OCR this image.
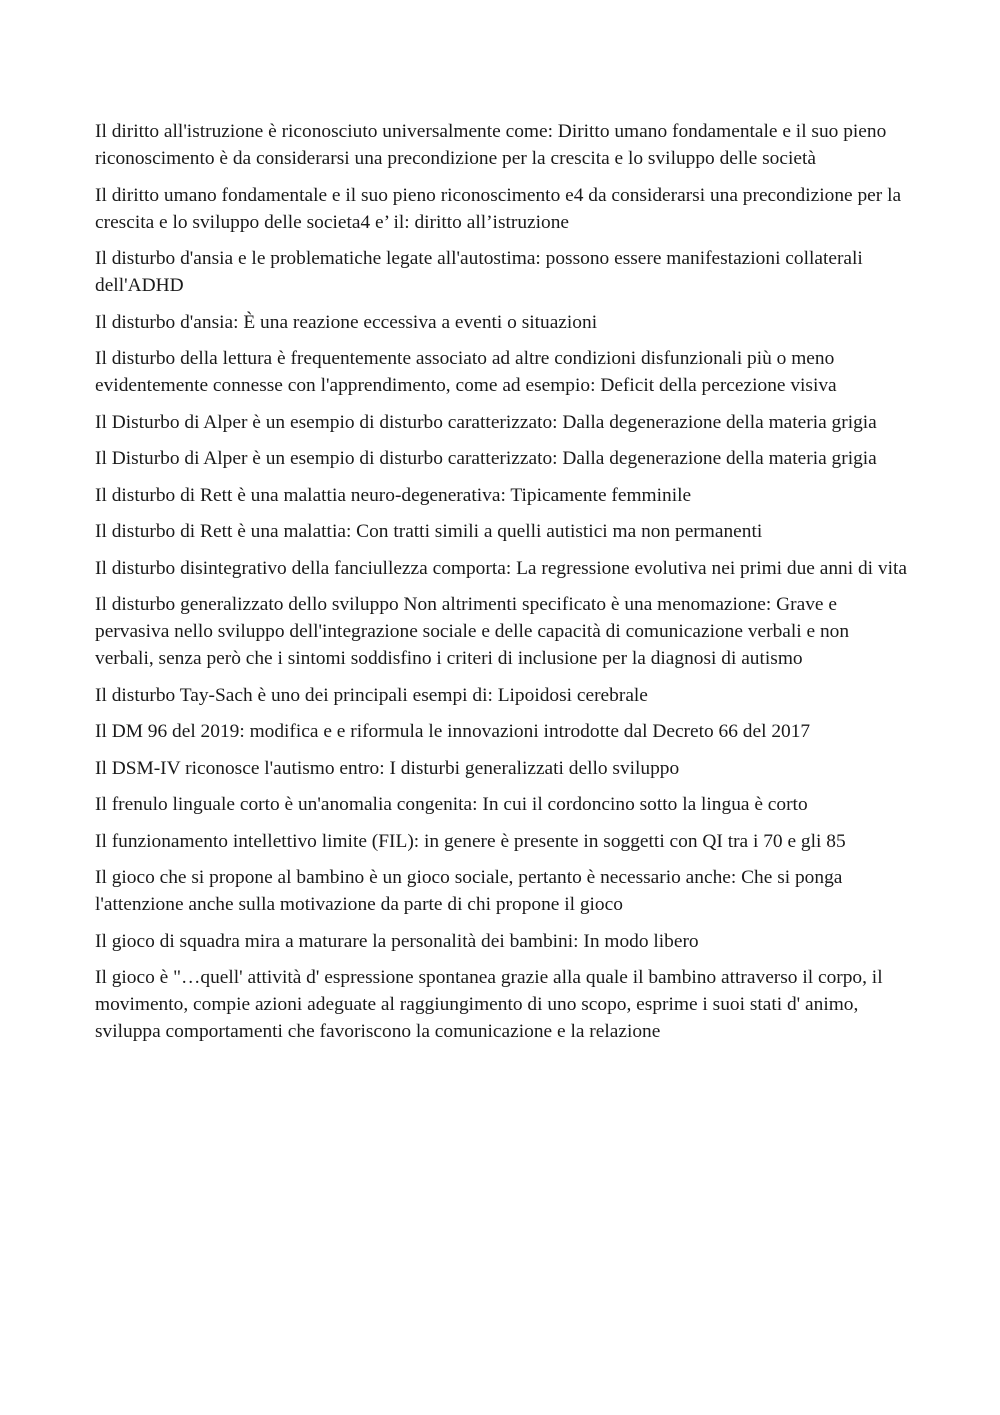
Il diritto all'istruzione è riconosciuto universalmente come: Diritto umano fondamentale e il suo pieno riconoscimento è da considerarsi una precondizione per la crescita e lo sviluppo delle società

Il diritto umano fondamentale e il suo pieno riconoscimento e4 da considerarsi una precondizione per la crescita e lo sviluppo delle societa4 e’ il: diritto all’istruzione

Il disturbo d'ansia e le problematiche legate all'autostima: possono essere manifestazioni collaterali dell'ADHD

Il disturbo d'ansia: È una reazione eccessiva a eventi o situazioni

Il disturbo della lettura è frequentemente associato ad altre condizioni disfunzionali più o meno evidentemente connesse con l'apprendimento, come ad esempio: Deficit della percezione visiva

Il Disturbo di Alper è un esempio di disturbo caratterizzato: Dalla degenerazione della materia grigia

Il Disturbo di Alper è un esempio di disturbo caratterizzato: Dalla degenerazione della materia grigia

Il disturbo di Rett è una malattia neuro-degenerativa: Tipicamente femminile

Il disturbo di Rett è una malattia: Con tratti simili a quelli autistici ma non permanenti

Il disturbo disintegrativo della fanciullezza comporta: La regressione evolutiva nei primi due anni di vita

Il disturbo generalizzato dello sviluppo Non altrimenti specificato è una menomazione: Grave e pervasiva nello sviluppo dell'integrazione sociale e delle capacità di comunicazione verbali e non verbali, senza però che i sintomi soddisfino i criteri di inclusione per la diagnosi di autismo

Il disturbo Tay-Sach è uno dei principali esempi di: Lipoidosi cerebrale

Il DM 96 del 2019: modifica e e riformula le innovazioni introdotte dal Decreto 66 del 2017

Il DSM-IV riconosce l'autismo entro: I disturbi generalizzati dello sviluppo

Il frenulo linguale corto è un'anomalia congenita: In cui il cordoncino sotto la lingua è corto

Il funzionamento intellettivo limite (FIL): in genere è presente in soggetti con QI tra i 70 e gli 85

Il gioco che si propone al bambino è un gioco sociale, pertanto è necessario anche: Che si ponga l'attenzione anche sulla motivazione da parte di chi propone il gioco

Il gioco di squadra mira a maturare la personalità dei bambini: In modo libero

Il gioco è "…quell' attività d' espressione spontanea grazie alla quale il bambino attraverso il corpo, il movimento, compie azioni adeguate al raggiungimento di uno scopo, esprime i suoi stati d' animo, sviluppa comportamenti che favoriscono la comunicazione e la relazione
